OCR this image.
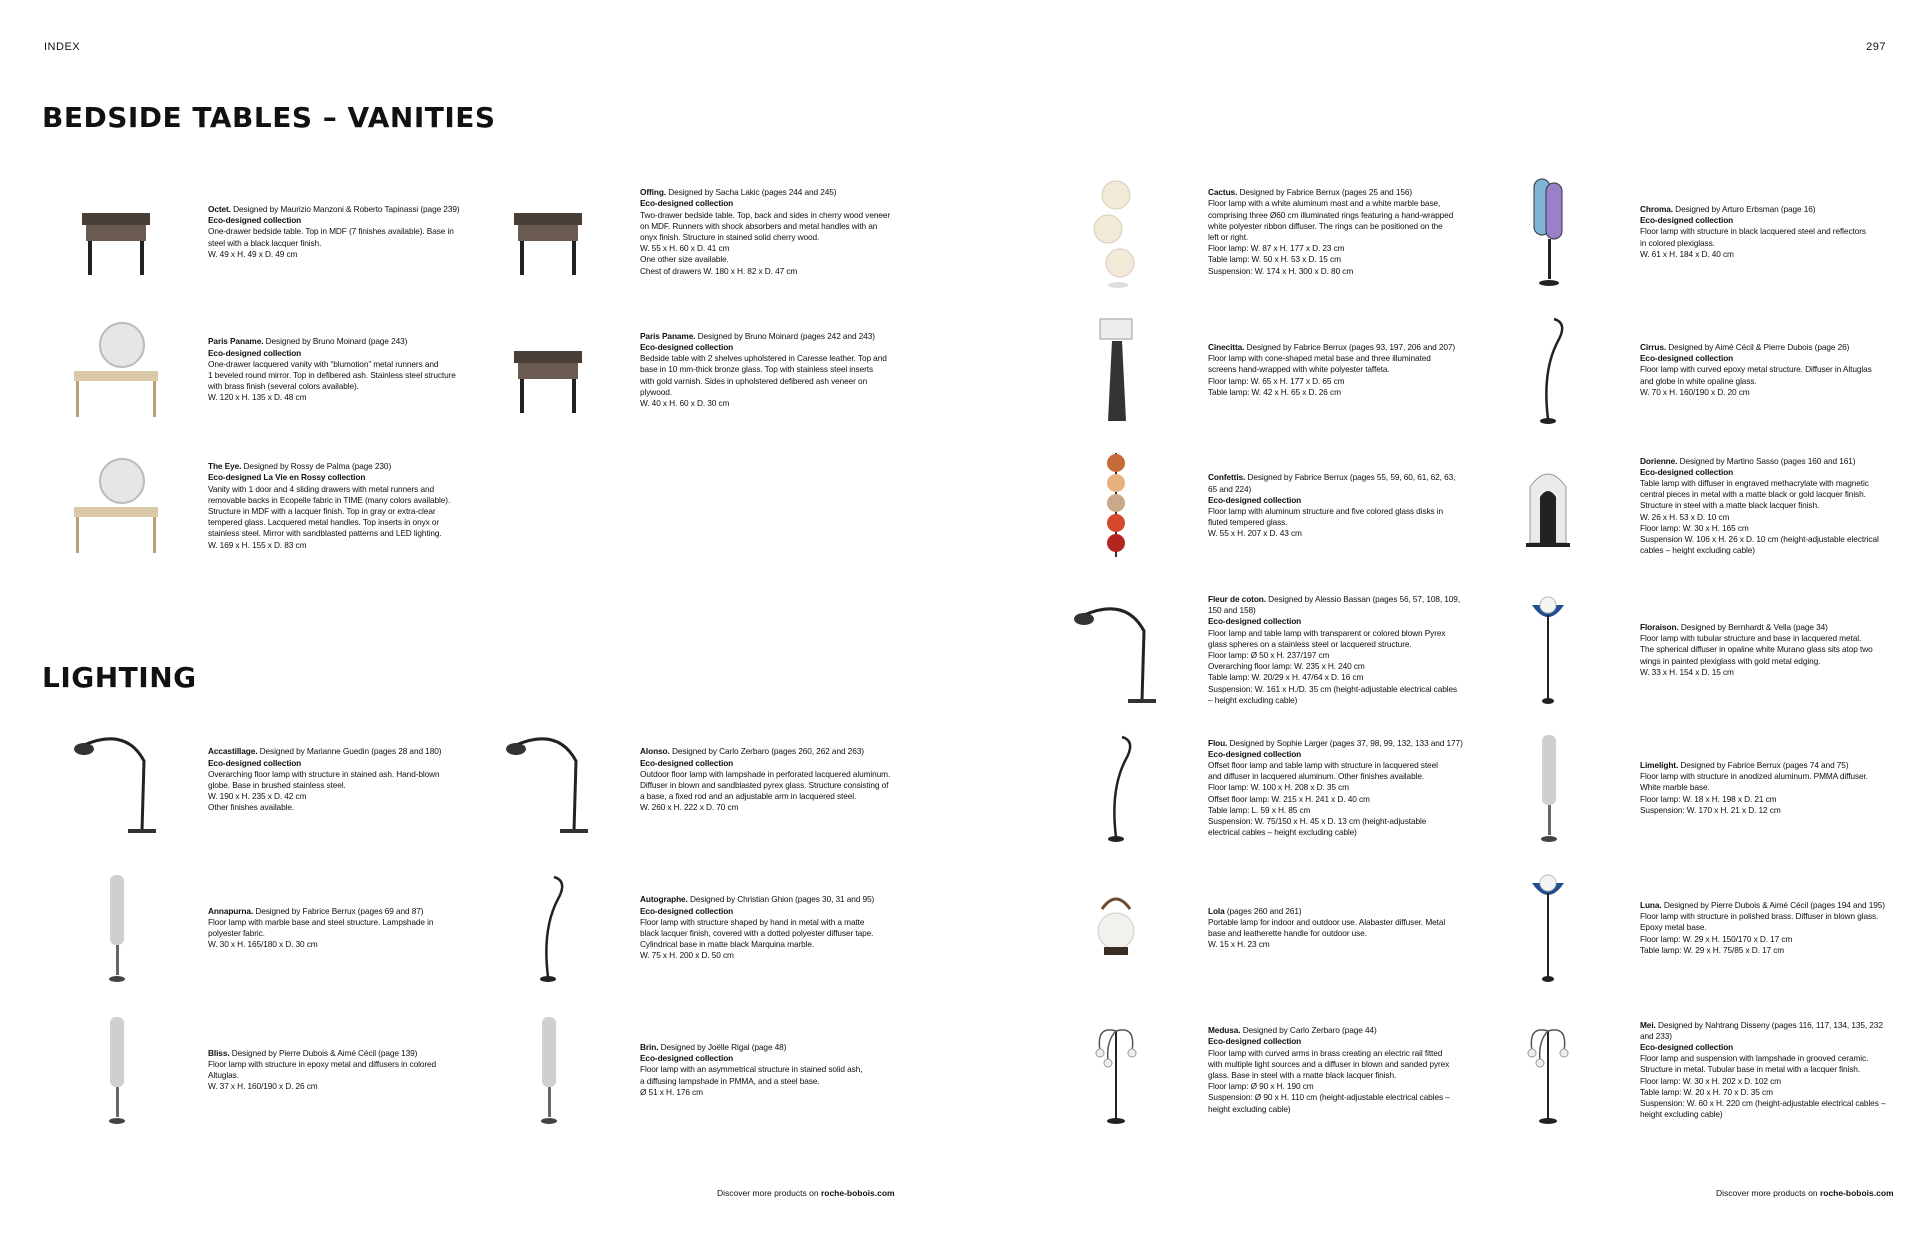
INDEX	297
BEDSIDE TABLES – VANITIES
LIGHTING
Octet. Designed by Maurizio Manzoni & Roberto Tapinassi (page 239)
Eco-designed collection
One-drawer bedside table. Top in MDF (7 finishes available). Base in
steel with a black lacquer finish.
W. 49 x H. 49 x D. 49 cm
Offing. Designed by Sacha Lakic (pages 244 and 245)
Eco-designed collection
Two-drawer bedside table. Top, back and sides in cherry wood veneer
on MDF. Runners with shock absorbers and metal handles with an
onyx finish. Structure in stained solid cherry wood.
W. 55 x H. 60 x D. 41 cm
One other size available.
Chest of drawers W. 180 x H. 82 x D. 47 cm
Paris Paname. Designed by Bruno Moinard (page 243)
Eco-designed collection
One-drawer lacquered vanity with “blumotion” metal runners and
1 beveled round mirror. Top in defibered ash. Stainless steel structure
with brass finish (several colors available).
W. 120 x H. 135 x D. 48 cm
Paris Paname. Designed by Bruno Moinard (pages 242 and 243)
Eco-designed collection
Bedside table with 2 shelves upholstered in Caresse leather. Top and
base in 10 mm-thick bronze glass. Top with stainless steel inserts
with gold varnish. Sides in upholstered defibered ash veneer on
plywood.
W. 40 x H. 60 x D. 30 cm
The Eye. Designed by Rossy de Palma (page 230)
Eco-designed La Vie en Rossy collection
Vanity with 1 door and 4 sliding drawers with metal runners and
removable backs in Ecopelle fabric in TIME (many colors available).
Structure in MDF with a lacquer finish. Top in gray or extra-clear
tempered glass. Lacquered metal handles. Top inserts in onyx or
stainless steel. Mirror with sandblasted patterns and LED lighting.
W. 169 x H. 155 x D. 83 cm
Accastillage. Designed by Marianne Guedin (pages 28 and 180)
Eco-designed collection
Overarching floor lamp with structure in stained ash. Hand-blown
globe. Base in brushed stainless steel.
W. 190 x H. 235 x D. 42 cm
Other finishes available.
Alonso. Designed by Carlo Zerbaro (pages 260, 262 and 263)
Eco-designed collection
Outdoor floor lamp with lampshade in perforated lacquered aluminum.
Diffuser in blown and sandblasted pyrex glass. Structure consisting of
a base, a fixed rod and an adjustable arm in lacquered steel.
W. 260 x H. 222 x D. 70 cm
Annapurna. Designed by Fabrice Berrux (pages 69 and 87)
Floor lamp with marble base and steel structure. Lampshade in
polyester fabric.
W. 30 x H. 165/180 x D. 30 cm
Autographe. Designed by Christian Ghion (pages 30, 31 and 95)
Eco-designed collection
Floor lamp with structure shaped by hand in metal with a matte
black lacquer finish, covered with a dotted polyester diffuser tape.
Cylindrical base in matte black Marquina marble.
W. 75 x H. 200 x D. 50 cm
Bliss. Designed by Pierre Dubois & Aimé Cécil (page 139)
Floor lamp with structure in epoxy metal and diffusers in colored
Altuglas.
W. 37 x H. 160/190 x D. 26 cm
Brin. Designed by Joëlle Rigal (page 48)
Eco-designed collection
Floor lamp with an asymmetrical structure in stained solid ash,
a diffusing lampshade in PMMA, and a steel base.
Ø 51 x H. 176 cm
Cactus. Designed by Fabrice Berrux (pages 25 and 156)
Floor lamp with a white aluminum mast and a white marble base,
comprising three Ø60 cm illuminated rings featuring a hand-wrapped
white polyester ribbon diffuser. The rings can be positioned on the
left or right.
Floor lamp: W. 87 x H. 177 x D. 23 cm
Table lamp: W. 50 x H. 53 x D. 15 cm
Suspension: W. 174 x H. 300 x D. 80 cm
Chroma. Designed by Arturo Erbsman (page 16)
Eco-designed collection
Floor lamp with structure in black lacquered steel and reflectors
in colored plexiglass.
W. 61 x H. 184 x D. 40 cm
Cinecitta. Designed by Fabrice Berrux (pages 93, 197, 206 and 207)
Floor lamp with cone-shaped metal base and three illuminated
screens hand-wrapped with white polyester taffeta.
Floor lamp: W. 65 x H. 177 x D. 65 cm
Table lamp: W. 42 x H. 65 x D. 26 cm
Cirrus. Designed by Aimé Cécil & Pierre Dubois (page 26)
Eco-designed collection
Floor lamp with curved epoxy metal structure. Diffuser in Altuglas
and globe in white opaline glass.
W. 70 x H. 160/190 x D. 20 cm
Confettis. Designed by Fabrice Berrux (pages 55, 59, 60, 61, 62, 63, 65 and 224)
Eco-designed collection
Floor lamp with aluminum structure and five colored glass disks in
fluted tempered glass.
W. 55 x H. 207 x D. 43 cm
Dorienne. Designed by Martino Sasso (pages 160 and 161)
Eco-designed collection
Table lamp with diffuser in engraved methacrylate with magnetic
central pieces in metal with a matte black or gold lacquer finish.
Structure in steel with a matte black lacquer finish.
W. 26 x H. 53 x D. 10 cm
Floor lamp: W. 30 x H. 165 cm
Suspension W. 106 x H. 26 x D. 10 cm (height-adjustable electrical
cables – height excluding cable)
Fleur de coton. Designed by Alessio Bassan (pages 56, 57, 108, 109, 150 and 158)
Eco-designed collection
Floor lamp and table lamp with transparent or colored blown Pyrex
glass spheres on a stainless steel or lacquered structure.
Floor lamp: Ø 50 x H. 237/197 cm
Overarching floor lamp: W. 235 x H. 240 cm
Table lamp: W. 20/29 x H. 47/64 x D. 16 cm
Suspension: W. 161 x H./D. 35 cm (height-adjustable electrical cables
– height excluding cable)
Floraison. Designed by Bernhardt & Vella (page 34)
Floor lamp with tubular structure and base in lacquered metal.
The spherical diffuser in opaline white Murano glass sits atop two
wings in painted plexiglass with gold metal edging.
W. 33 x H. 154 x D. 15 cm
Flou. Designed by Sophie Larger (pages 37, 98, 99, 132, 133 and 177)
Eco-designed collection
Offset floor lamp and table lamp with structure in lacquered steel
and diffuser in lacquered aluminum. Other finishes available.
Floor lamp: W. 100 x H. 208 x D. 35 cm
Offset floor lamp: W. 215 x H. 241 x D. 40 cm
Table lamp: L. 59 x H. 85 cm
Suspension: W. 75/150 x H. 45 x D. 13 cm (height-adjustable
electrical cables – height excluding cable)
Limelight. Designed by Fabrice Berrux (pages 74 and 75)
Floor lamp with structure in anodized aluminum. PMMA diffuser.
White marble base.
Floor lamp: W. 18 x H. 198 x D. 21 cm
Suspension: W. 170 x H. 21 x D. 12 cm
Lola (pages 260 and 261)
Portable lamp for indoor and outdoor use. Alabaster diffuser. Metal
base and leatherette handle for outdoor use.
W. 15 x H. 23 cm
Luna. Designed by Pierre Dubois & Aimé Cécil (pages 194 and 195)
Floor lamp with structure in polished brass. Diffuser in blown glass.
Epoxy metal base.
Floor lamp: W. 29 x H. 150/170 x D. 17 cm
Table lamp: W. 29 x H. 75/85 x D. 17 cm
Medusa. Designed by Carlo Zerbaro (page 44)
Eco-designed collection
Floor lamp with curved arms in brass creating an electric rail fitted
with multiple light sources and a diffuser in blown and sanded pyrex
glass. Base in steel with a matte black lacquer finish.
Floor lamp: Ø 90 x H. 190 cm
Suspension: Ø 90 x H. 110 cm (height-adjustable electrical cables –
height excluding cable)
Mei. Designed by Nahtrang Disseny (pages 116, 117, 134, 135, 232 and 233)
Eco-designed collection
Floor lamp and suspension with lampshade in grooved ceramic.
Structure in metal. Tubular base in metal with a lacquer finish.
Floor lamp: W. 30 x H. 202 x D. 102 cm
Table lamp: W. 20 x H. 70 x D. 35 cm
Suspension: W. 60 x H. 220 cm (height-adjustable electrical cables –
height excluding cable)
Discover more products on roche-bobois.com	Discover more products on roche-bobois.com
